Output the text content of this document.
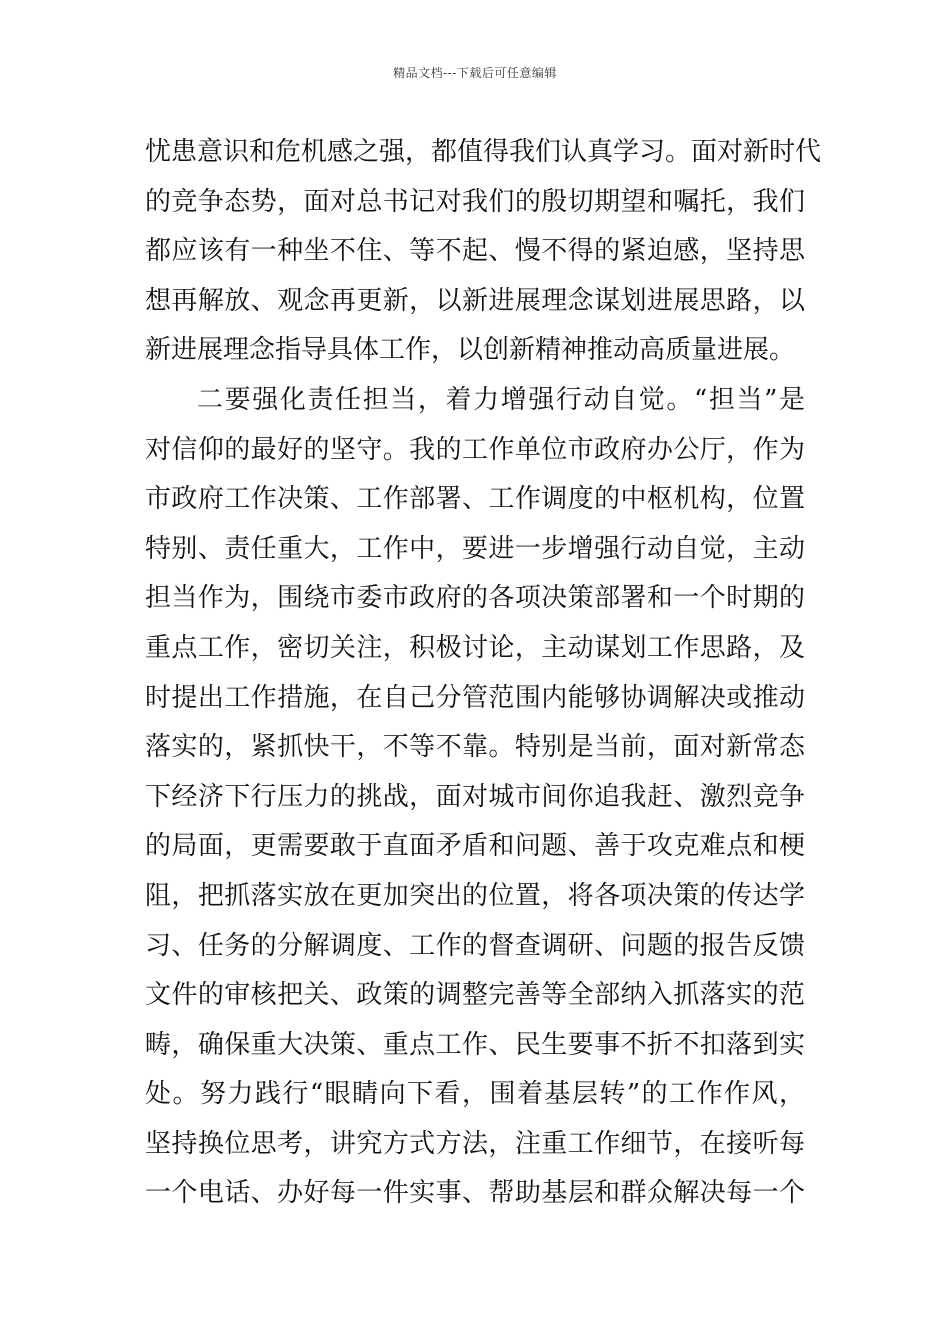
精品文档---下载后可任意编辑
忧患意识和危机感之强，都值得我们认真学习。面对新时代
的竞争态势，面对总书记对我们的殷切期望和嘱托，我们
都应该有一种坐不住、等不起、慢不得的紧迫感，坚持思
想再解放、观念再更新，以新进展理念谋划进展思路，以
新进展理念指导具体工作，以创新精神推动高质量进展。
二要强化责任担当，着力增强行动自觉。“担当”是
对信仰的最好的坚守。我的工作单位市政府办公厅，作为
市政府工作决策、工作部署、工作调度的中枢机构，位置
特别、责任重大，工作中，要进一步增强行动自觉，主动
担当作为，围绕市委市政府的各项决策部署和一个时期的
重点工作，密切关注，积极讨论，主动谋划工作思路，及
时提出工作措施，在自己分管范围内能够协调解决或推动
落实的，紧抓快干，不等不靠。特别是当前，面对新常态
下经济下行压力的挑战，面对城市间你追我赶、激烈竞争
的局面，更需要敢于直面矛盾和问题、善于攻克难点和梗
阻，把抓落实放在更加突出的位置，将各项决策的传达学
习、任务的分解调度、工作的督查调研、问题的报告反馈
文件的审核把关、政策的调整完善等全部纳入抓落实的范
畴，确保重大决策、重点工作、民生要事不折不扣落到实
处。努力践行“眼睛向下看，围着基层转”的工作作风，
坚持换位思考，讲究方式方法，注重工作细节，在接听每
一个电话、办好每一件实事、帮助基层和群众解决每一个
